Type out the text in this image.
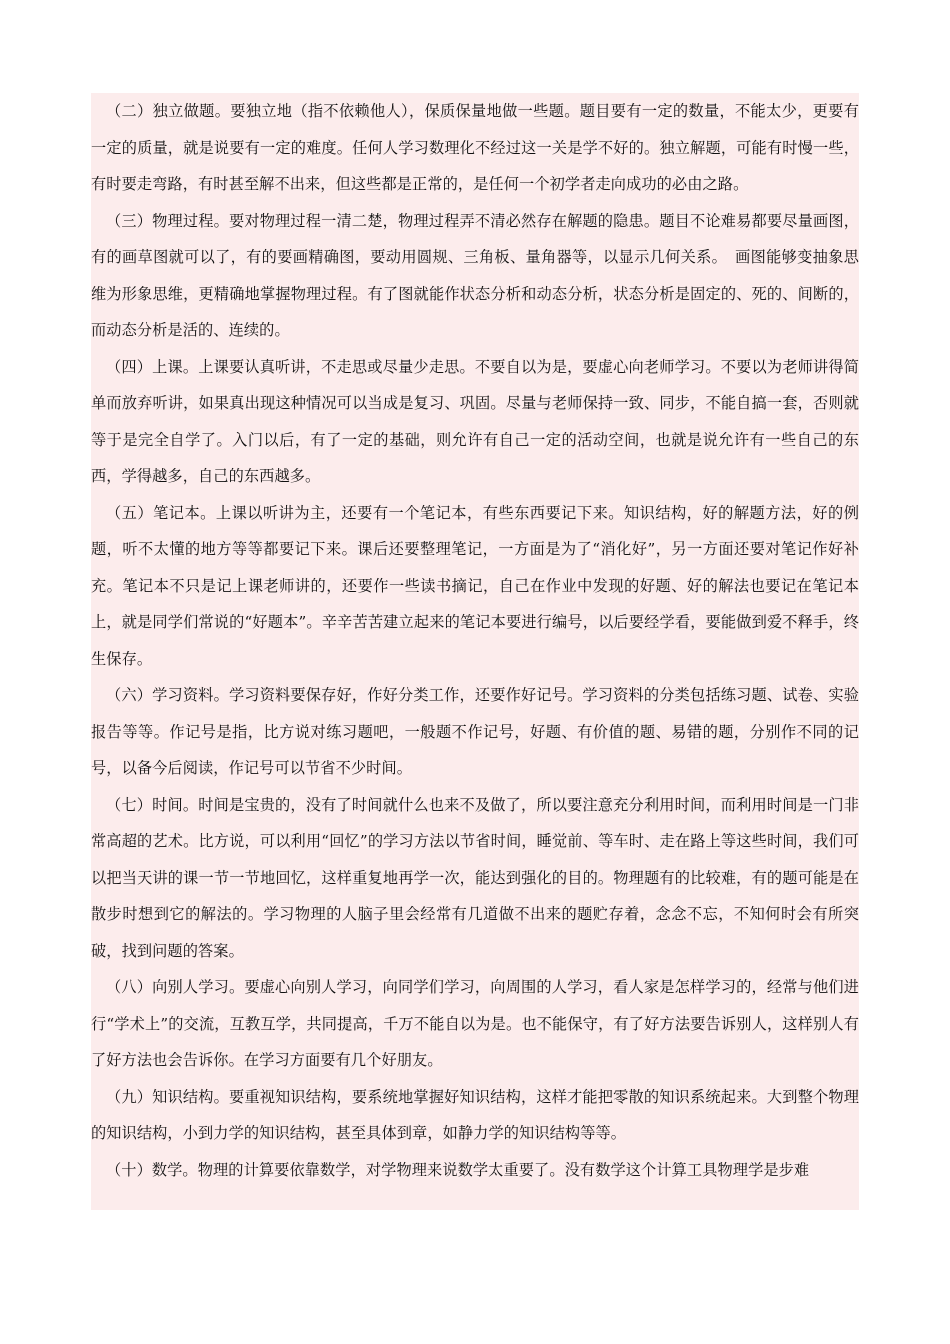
（二）独立做题。要独立地（指不依赖他人），保质保量地做一些题。题目要有一定的数量，不能太少，更要有一定的质量，就是说要有一定的难度。任何人学习数理化不经过这一关是学不好的。独立解题，可能有时慢一些，有时要走弯路，有时甚至解不出来，但这些都是正常的，是任何一个初学者走向成功的必由之路。

（三）物理过程。要对物理过程一清二楚，物理过程弄不清必然存在解题的隐患。题目不论难易都要尽量画图，有的画草图就可以了，有的要画精确图，要动用圆规、三角板、量角器等，以显示几何关系。　画图能够变抽象思维为形象思维，更精确地掌握物理过程。有了图就能作状态分析和动态分析，状态分析是固定的、死的、间断的，而动态分析是活的、连续的。

（四）上课。上课要认真听讲，不走思或尽量少走思。不要自以为是，要虚心向老师学习。不要以为老师讲得简单而放弃听讲，如果真出现这种情况可以当成是复习、巩固。尽量与老师保持一致、同步，不能自搞一套，否则就等于是完全自学了。入门以后，有了一定的基础，则允许有自己一定的活动空间，也就是说允许有一些自己的东西，学得越多，自己的东西越多。

（五）笔记本。上课以听讲为主，还要有一个笔记本，有些东西要记下来。知识结构，好的解题方法，好的例题，听不太懂的地方等等都要记下来。课后还要整理笔记，一方面是为了“消化好”，另一方面还要对笔记作好补充。笔记本不只是记上课老师讲的，还要作一些读书摘记，自己在作业中发现的好题、好的解法也要记在笔记本上，就是同学们常说的“好题本”。辛辛苦苦建立起来的笔记本要进行编号，以后要经学看，要能做到爱不释手，终生保存。

（六）学习资料。学习资料要保存好，作好分类工作，还要作好记号。学习资料的分类包括练习题、试卷、实验报告等等。作记号是指，比方说对练习题吧，一般题不作记号，好题、有价值的题、易错的题，分别作不同的记号，以备今后阅读，作记号可以节省不少时间。

（七）时间。时间是宝贵的，没有了时间就什么也来不及做了，所以要注意充分利用时间，而利用时间是一门非常高超的艺术。比方说，可以利用“回忆”的学习方法以节省时间，睡觉前、等车时、走在路上等这些时间，我们可以把当天讲的课一节一节地回忆，这样重复地再学一次，能达到强化的目的。物理题有的比较难，有的题可能是在散步时想到它的解法的。学习物理的人脑子里会经常有几道做不出来的题贮存着，念念不忘，不知何时会有所突破，找到问题的答案。

（八）向别人学习。要虚心向别人学习，向同学们学习，向周围的人学习，看人家是怎样学习的，经常与他们进行“学术上”的交流，互教互学，共同提高，千万不能自以为是。也不能保守，有了好方法要告诉别人，这样别人有了好方法也会告诉你。在学习方面要有几个好朋友。

（九）知识结构。要重视知识结构，要系统地掌握好知识结构，这样才能把零散的知识系统起来。大到整个物理的知识结构，小到力学的知识结构，甚至具体到章，如静力学的知识结构等等。

（十）数学。物理的计算要依靠数学，对学物理来说数学太重要了。没有数学这个计算工具物理学是步难
